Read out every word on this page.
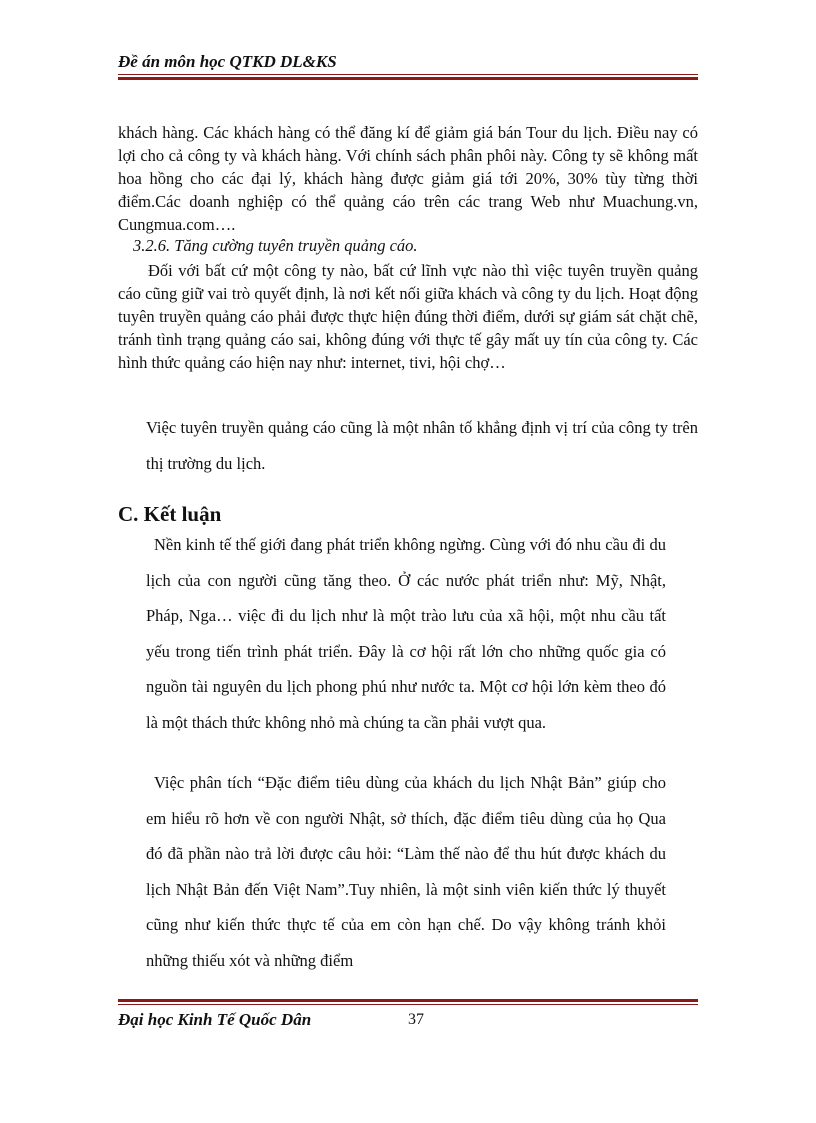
Đề án môn học QTKD DL&KS

khách hàng. Các khách hàng có thể đăng kí để giảm giá bán Tour du lịch. Điều nay có lợi cho cả công ty và khách hàng. Với chính sách phân phôi này. Công ty sẽ không mất hoa hồng cho các đại lý, khách hàng được giảm giá tới 20%, 30% tùy từng thời điểm.Các doanh nghiệp có thể quảng cáo trên các trang Web như Muachung.vn, Cungmua.com….

3.2.6. Tăng cường tuyên truyền quảng cáo.

Đối với bất cứ một công ty nào, bất cứ lĩnh vực nào thì việc tuyên truyền quảng cáo cũng giữ vai trò quyết định, là nơi kết nối giữa khách và công ty du lịch. Hoạt động tuyên truyền quảng cáo phải được thực hiện đúng thời điểm, dưới sự giám sát chặt chẽ, tránh tình trạng quảng cáo sai, không đúng với thực tế gây mất uy tín của công ty. Các hình thức quảng cáo hiện nay như: internet, tivi, hội chợ…

Việc tuyên truyền quảng cáo cũng là một nhân tố khẳng định vị trí của công ty trên thị trường du lịch.

C. Kết luận

Nền kinh tế thế giới đang phát triển không ngừng. Cùng với đó nhu cầu đi du lịch của con người cũng tăng theo. Ở các nước phát triển như: Mỹ, Nhật, Pháp, Nga… việc đi du lịch như là một trào lưu của xã hội, một nhu cầu tất yếu trong tiến trình phát triển. Đây là cơ hội rất lớn cho những quốc gia có nguồn tài nguyên du lịch phong phú như nước ta. Một cơ hội lớn kèm theo đó là một thách thức không nhỏ mà chúng ta cần phải vượt qua.

Việc phân tích “Đặc điểm tiêu dùng của khách du lịch Nhật Bản” giúp cho em hiểu rõ hơn về con người Nhật, sở thích, đặc điểm tiêu dùng của họ Qua đó đã phần nào trả lời được câu hỏi: “Làm thế nào để thu hút được khách du lịch Nhật Bản đến Việt Nam”.Tuy nhiên, là một sinh viên kiến thức lý thuyết cũng như kiến thức thực tế của em còn hạn chế. Do vậy không tránh khỏi những thiếu xót và những điểm

Đại học Kinh Tế Quốc Dân	37
